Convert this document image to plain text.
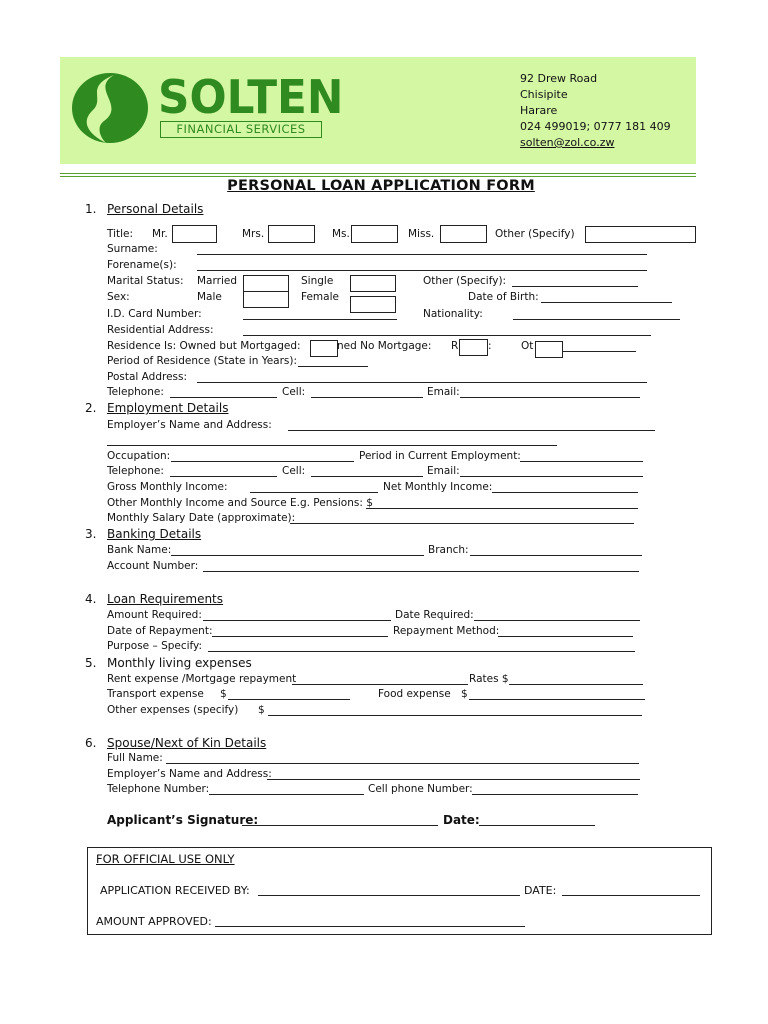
SOLTEN
FINANCIAL SERVICES
92 Drew Road
Chisipite
Harare
024 499019; 0777 181 409
solten@zol.co.zw
PERSONAL LOAN APPLICATION FORM
1. Personal Details
Title: Mr.	Mrs.	Ms.	Miss.	Other (Specify)
Surname:
Forename(s):
Marital Status: Married	Single	Other (Specify):
Sex:	Male	Female	Date of Birth:
I.D. Card Number:	Nationality:
Residential Address:
Residence Is: Owned but Mortgaged:	ned No Mortgage: R	:	Ot
Period of Residence (State in Years):
Postal Address:
Telephone:	Cell:	Email:
2. Employment Details
Employer’s Name and Address:
Occupation:	Period in Current Employment:
Telephone:	Cell:	Email:
Gross Monthly Income:	Net Monthly Income:
Other Monthly Income and Source E.g. Pensions: $
Monthly Salary Date (approximate):
3. Banking Details
Bank Name:	Branch:
Account Number:
4. Loan Requirements
Amount Required:	Date Required:
Date of Repayment:	Repayment Method:
Purpose – Specify:
5. Monthly living expenses
Rent expense /Mortgage repayment	Rates $
Transport expense $	Food expense $
Other expenses (specify) $
6. Spouse/Next of Kin Details
Full Name:
Employer’s Name and Address:
Telephone Number:	Cell phone Number:
Applicant’s Signature:	Date:
FOR OFFICIAL USE ONLY
APPLICATION RECEIVED BY:	DATE:
AMOUNT APPROVED:
